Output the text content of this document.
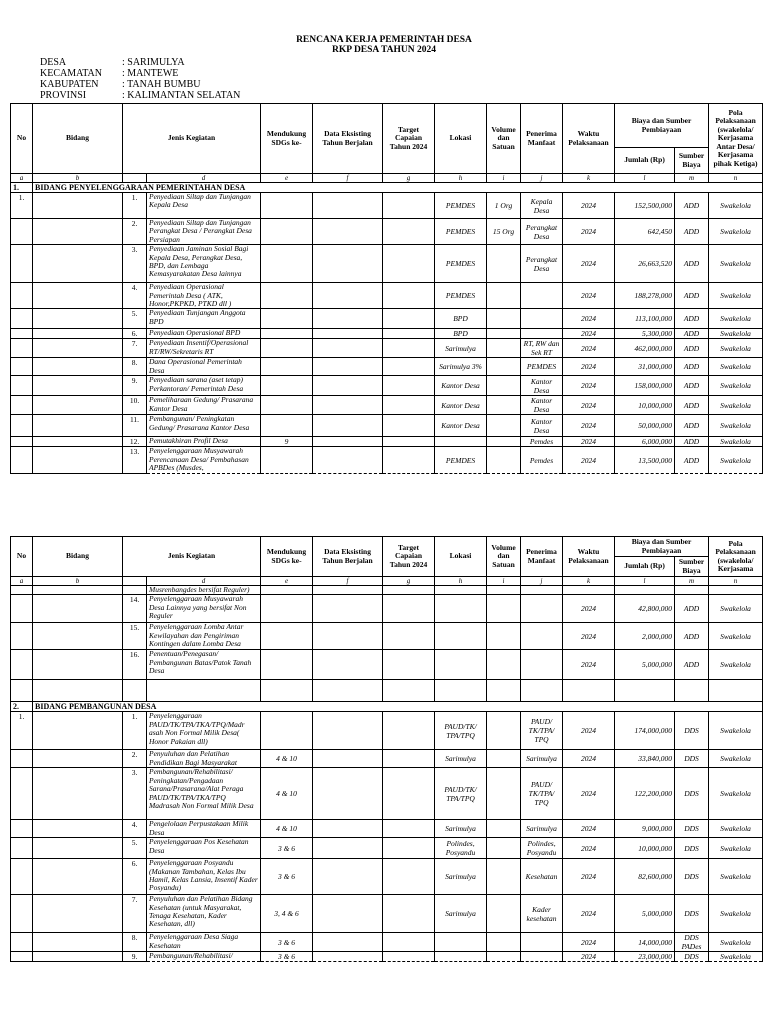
RENCANA KERJA PEMERINTAH DESA
RKP DESA TAHUN 2024
DESA	: SARIMULYA
KECAMATAN	: MANTEWE
KABUPATEN	: TANAH BUMBU
PROVINSI	: KALIMANTAN SELATAN
No	Bidang	Jenis Kegiatan		Mendukung SDGs ke-	Data Eksisting Tahun Berjalan	Target Capaian Tahun 2024	Lokasi	Volume dan Satuan	Penerima Manfaat	Waktu Pelaksanaan	Biaya dan Sumber Pembiayaan		Pola Pelaksanaan (swakelola/ Kerjasama Antar Desa/ Kerjasama pihak Ketiga)
											Jumlah (Rp)	Sumber Biaya	
a	b		d	e	f	g	h	i	j	k	l	m	n
1.	BIDANG PENYELENGGARAAN PEMERINTAHAN DESA												
1.		1.	Penyediaan Siltap dan Tunjangan Kepala Desa				PEMDES	1 Org	Kepala Desa	2024	152,500,000	ADD	Swakelola
		2.	Penyediaan Siltap dan Tunjangan Perangkat Desa / Perangkat Desa Persiapan				PEMDES	15 Org	Perangkat Desa	2024	642,450	ADD	Swakelola
		3.	Penyediaan Jaminan Sosial Bagi Kepala Desa, Perangkat Desa, BPD, dan Lembaga Kemasyarakatan Desa lainnya				PEMDES		Perangkat Desa	2024	26,663,520	ADD	Swakelola
		4.	Penyediaan Operasional Pemerintah Desa ( ATK, Honor,PKPKD, PTKD dll )				PEMDES			2024	188,278,000	ADD	Swakelola
		5.	Penyediaan Tunjangan Anggota BPD				BPD			2024	113,100,000	ADD	Swakelola
		6.	Penyediaan Operasional BPD				BPD			2024	5,300,000	ADD	Swakelola
		7.	Penyediaan Insentif/Operasional RT/RW/Sekretaris RT				Sarimulya		RT, RW dan Sek RT	2024	462,000,000	ADD	Swakelola
		8.	Dana Operasional Pemerintah Desa				Sarimulya 3%		PEMDES	2024	31,000,000	ADD	Swakelola
		9.	Penyediaan sarana (aset tetap) Perkantoran/ Pemerintah Desa				Kantor Desa		Kantor Desa	2024	158,000,000	ADD	Swakelola
		10.	Pemeliharaan Gedung/ Prasarana Kantor Desa				Kantor Desa		Kantor Desa	2024	10,000,000	ADD	Swakelola
		11.	Pembangunan/ Peningkatan Gedung/ Prasarana Kantor Desa				Kantor Desa		Kantor Desa	2024	50,000,000	ADD	Swakelola
		12.	Pemutakhiran Profil Desa	9					Pemdes	2024	6,000,000	ADD	Swakelola
		13.	Penyelenggaraan Musyawarah Perencanaan Desa/ Pembahasan APBDes (Musdes,				PEMDES		Pemdes	2024	13,500,000	ADD	Swakelola
No	Bidang	Jenis Kegiatan		Mendukung SDGs ke-	Data Eksisting Tahun Berjalan	Target Capaian Tahun 2024	Lokasi	Volume dan Satuan	Penerima Manfaat	Waktu Pelaksanaan	Biaya dan Sumber Pembiayaan		Pola Pelaksanaan (swakelola/ Kerjasama
											Jumlah (Rp)	Sumber Biaya	
a	b		d	e	f	g	h	i	j	k	l	m	n
			Musrenbangdes bersifat Reguler)										
		14.	Penyelenggaraan Musyawarah Desa Lainnya yang bersifat Non Reguler							2024	42,800,000	ADD	Swakelola
		15.	Penyelenggaraan Lomba Antar Kewilayahan dan Pengiriman Kontingen dalam Lomba Desa							2024	2,000,000	ADD	Swakelola
		16.	Penentuan/Penegasan/ Pembangunan Batas/Patok Tanah Desa							2024	5,000,000	ADD	Swakelola

2.	BIDANG PEMBANGUNAN DESA												
1.		1.	Penyelenggaraan PAUD/TK/TPA/TKA/TPQ/Madr asah Non Formal Milik Desa( Honor Pakaian dll)				PAUD/TK/ TPA/TPQ		PAUD/ TK/TPA/ TPQ	2024	174,000,000	DDS	Swakelola
		2.	Penyuluhan dan Pelatihan Pendidikan Bagi Masyarakat	4 & 10			Sarimulya		Sarimulya	2024	33,840,000	DDS	Swakelola
		3.	Pembangunan/Rehabilitasi/ Peningkatan/Pengadaan Sarana/Prasarana/Alat Peraga PAUD/TK/TPA/TKA/TPQ Madrasah Non Formal Milik Desa	4 & 10			PAUD/TK/ TPA/TPQ		PAUD/ TK/TPA/ TPQ	2024	122,200,000	DDS	Swakelola
		4.	Pengelolaan Perpustakaan Milik Desa	4 & 10			Sarimulya		Sarimulya	2024	9,000,000	DDS	Swakelola
		5.	Penyelenggaraan Pos Kesehatan Desa	3 & 6			Polindes, Posyandu		Polindes, Posyandu	2024	10,000,000	DDS	Swakelola
		6.	Penyelenggaraan Posyandu (Makanan Tambahan, Kelas Ibu Hamil, Kelas Lansia, Insentif Kader Posyandu)	3 & 6			Sarimulya		Kesehatan	2024	82,600,000	DDS	Swakelola
		7.	Penyuluhan dan Pelatihan Bidang Kesehatan (untuk Masyarakat, Tenaga Kesehatan, Kader Kesehatan, dll)	3, 4 & 6			Sarimulya		Kader kesehatan	2024	5,000,000	DDS	Swakelola
		8.	Penyelenggaraan Desa Siaga Kesehatan	3 & 6						2024	14,000,000	DDS PADes	Swakelola
		9.	Pembangunan/Rehabilitasi/	3 & 6						2024	23,000,000	DDS	Swakelola
